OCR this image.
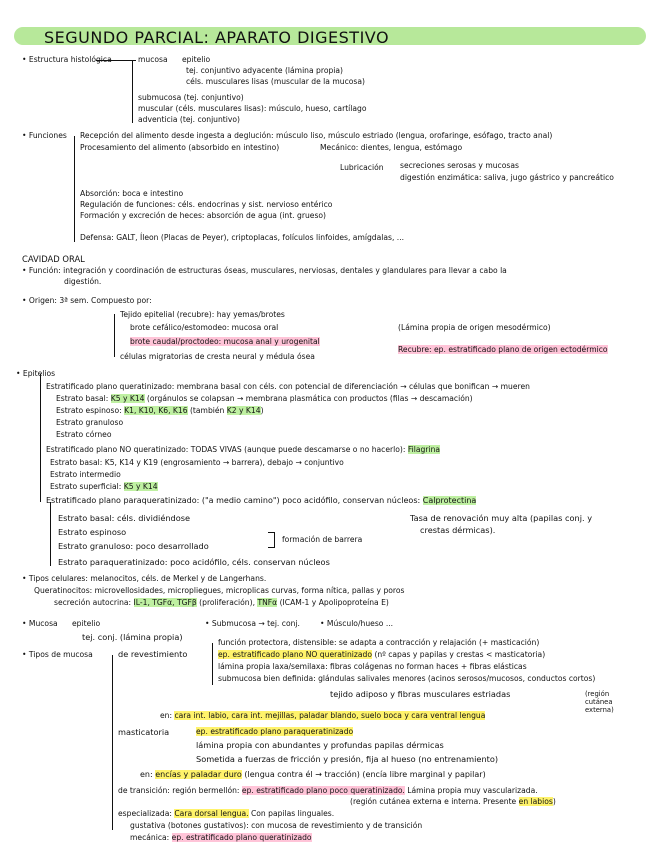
SEGUNDO PARCIAL: APARATO DIGESTIVO
• Estructura histológica	mucosa epitelio
tej. conjuntivo adyacente (lámina propia)
céls. musculares lisas (muscular de la mucosa)
submucosa (tej. conjuntivo)
muscular (céls. musculares lisas): músculo, hueso, cartílago
adventicia (tej. conjuntivo)
• Funciones Recepción del alimento desde ingesta a deglución: músculo liso, músculo estriado (lengua, orofaringe, esófago, tracto anal)
Procesamiento del alimento (absorbido en intestino)	Mecánico: dientes, lengua, estómago
Lubricación secreciones serosas y mucosas
digestión enzimática: saliva, jugo gástrico y pancreático
Absorción: boca e intestino
Regulación de funciones: céls. endocrinas y sist. nervioso entérico
Formación y excreción de heces: absorción de agua (int. grueso)
Defensa: GALT, Íleon (Placas de Peyer), criptoplacas, folículos linfoides, amígdalas, ...
CAVIDAD ORAL
• Función: integración y coordinación de estructuras óseas, musculares, nerviosas, dentales y glandulares para llevar a cabo la
digestión.
• Origen: 3ª sem. Compuesto por:
Tejido epitelial (recubre): hay yemas/brotes
brote cefálico/estomodeo: mucosa oral	(Lámina propia de origen mesodérmico)
brote caudal/proctodeo: mucosa anal y urogenital
Recubre: ep. estratificado plano de origen ectodérmico
células migratorias de cresta neural y médula ósea
• Epitelios
Estratificado plano queratinizado: membrana basal con céls. con potencial de diferenciación → células que bonifican → mueren
Estrato basal: K5 y K14 (orgánulos se colapsan → membrana plasmática con productos (filas → descamación)
Estrato espinoso: K1, K10, K6, K16 (también K2 y K14)
Estrato granuloso
Estrato córneo
Estratificado plano NO queratinizado: TODAS VIVAS (aunque puede descamarse o no hacerlo): Filagrina
Estrato basal: K5, K14 y K19 (engrosamiento → barrera), debajo → conjuntivo
Estrato intermedio
Estrato superficial: K5 y K14
Estratificado plano paraqueratinizado: ("a medio camino") poco acidófilo, conservan núcleos: Calprotectina
Estrato basal: céls. dividiéndose
Estrato espinoso
Estrato granuloso: poco desarrollado
formación de barrera
Estrato paraqueratinizado: poco acidófilo, céls. conservan núcleos
Tasa de renovación muy alta (papilas conj. y
crestas dérmicas).
• Tipos celulares: melanocitos, céls. de Merkel y de Langerhans.
Queratinocitos: microvellosidades, micropliegues, microplicas curvas, forma nítica, pallas y poros
secreción autocrina: IL-1, TGFα, TGFβ (proliferación), TNFα (ICAM-1 y Apolipoproteína E)
• Mucosa epitelio
tej. conj. (lámina propia)
• Submucosa → tej. conj.	• Músculo/hueso ...
• Tipos de mucosa	de revestimiento
función protectora, distensible: se adapta a contracción y relajación (+ masticación)
ep. estratificado plano NO queratinizado (nº capas y papilas y crestas < masticatoria)
lámina propia laxa/semilaxa: fibras colágenas no forman haces + fibras elásticas
submucosa bien definida: glándulas salivales menores (acinos serosos/mucosos, conductos cortos)
tejido adiposo y fibras musculares estriadas	(región cutánea externa)
en: cara int. labio, cara int. mejillas, paladar blando, suelo boca y cara ventral lengua
masticatoria	ep. estratificado plano paraqueratinizado
lámina propia con abundantes y profundas papilas dérmicas
Sometida a fuerzas de fricción y presión, fija al hueso (no entrenamiento)
en: encías y paladar duro (lengua contra él → tracción) (encía libre marginal y papilar)
de transición: región bermellón: ep. estratificado plano poco queratinizado. Lámina propia muy vascularizada.
(región cutánea externa e interna. Presente en labios)
especializada: Cara dorsal lengua. Con papilas linguales.
gustativa (botones gustativos): con mucosa de revestimiento y de transición
mecánica: ep. estratificado plano queratinizado
